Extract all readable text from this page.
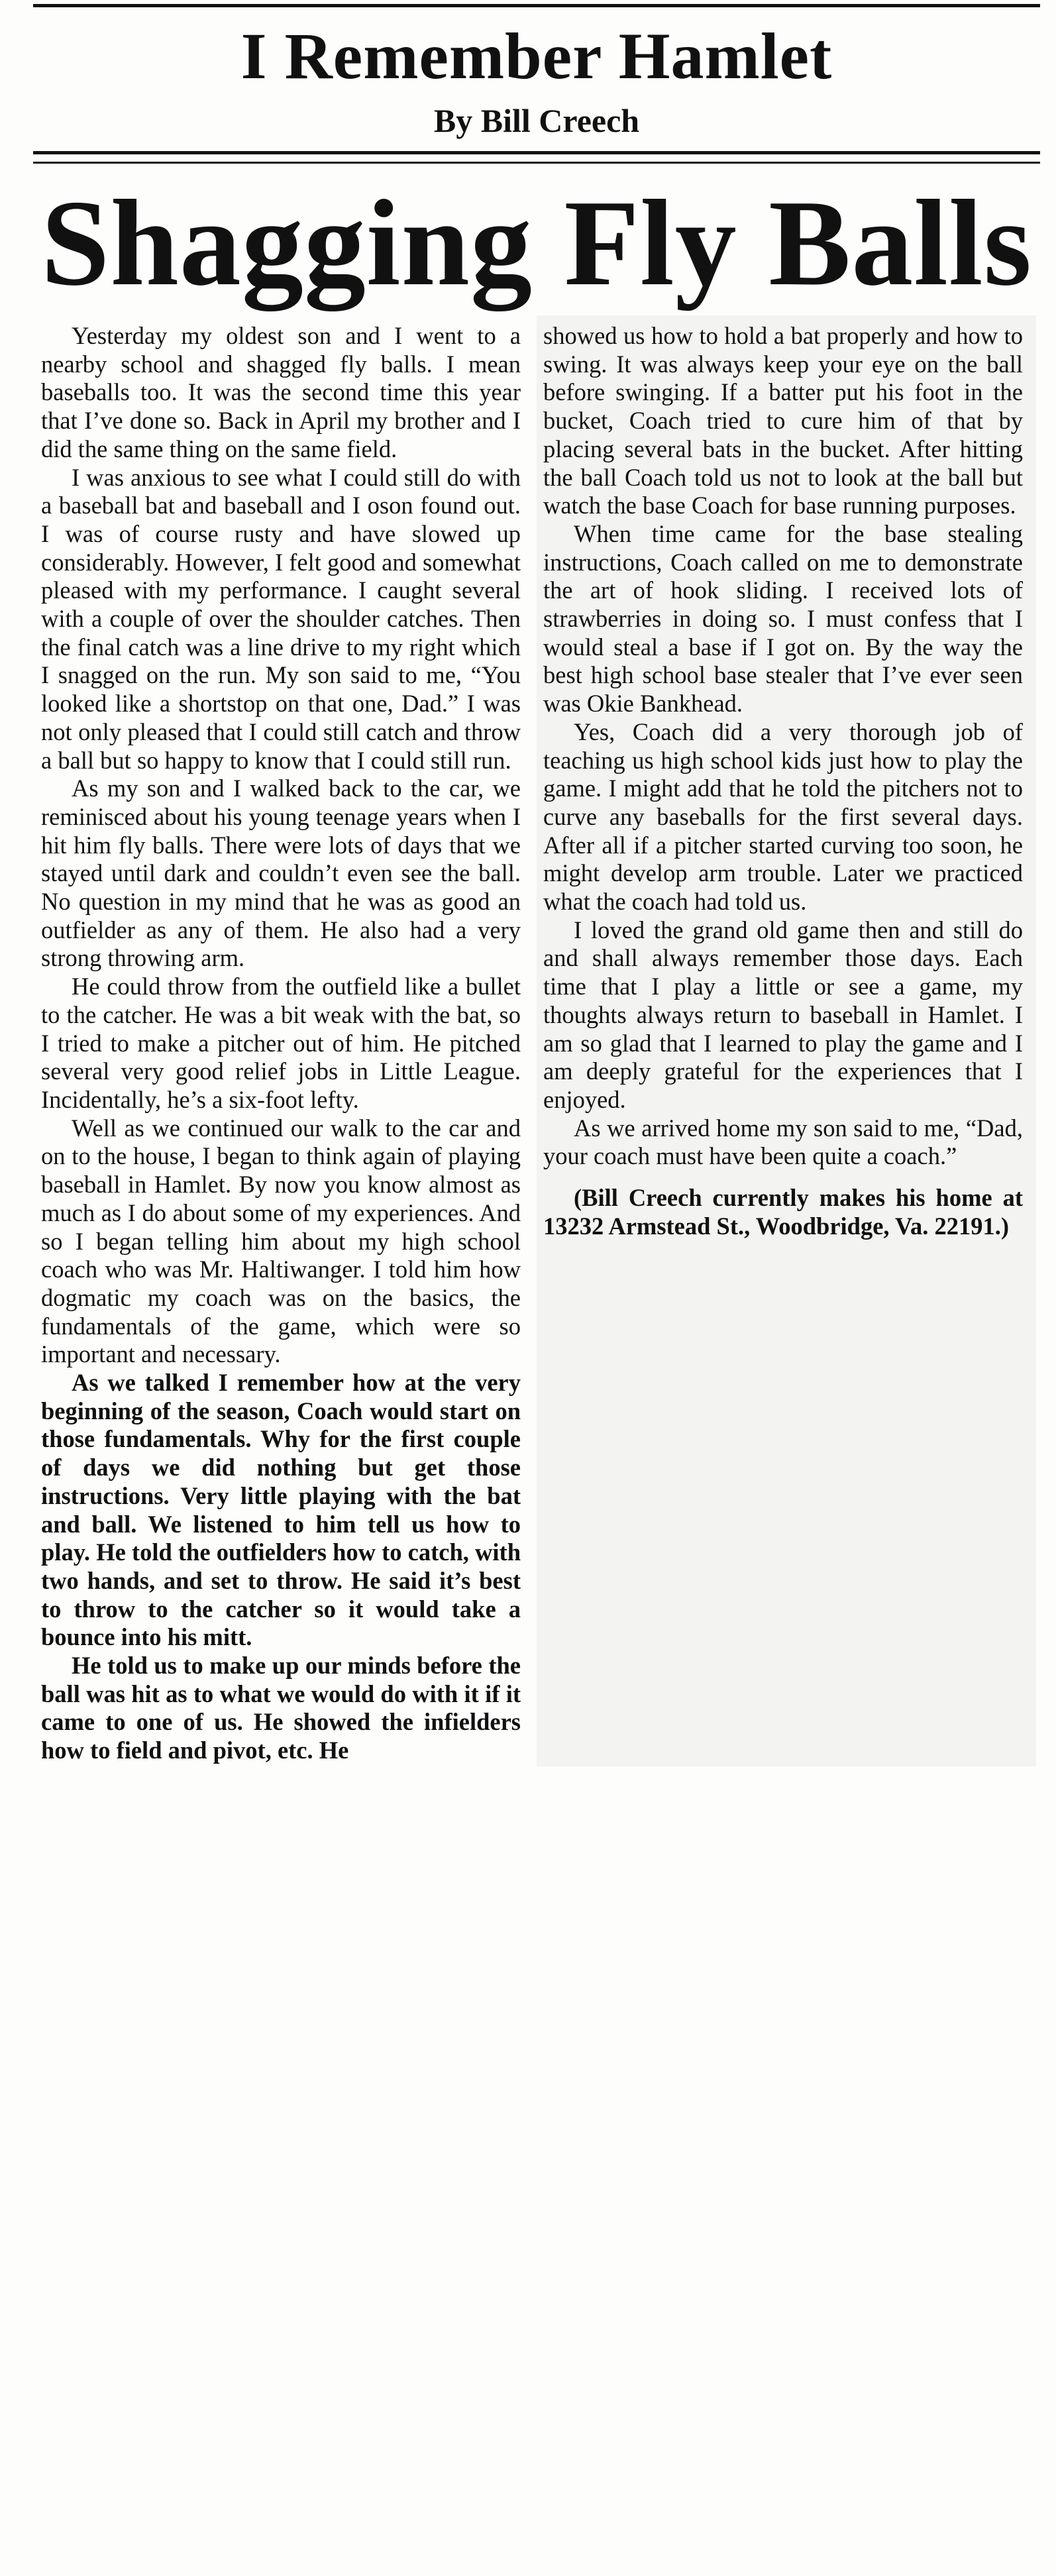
I Remember Hamlet
By Bill Creech
Shagging Fly Balls

Yesterday my oldest son and I went to a nearby school and shagged fly balls. I mean baseballs too. It was the second time this year that I’ve done so. Back in April my brother and I did the same thing on the same field.

I was anxious to see what I could still do with a baseball bat and baseball and I oson found out. I was of course rusty and have slowed up considerably. However, I felt good and somewhat pleased with my performance. I caught several with a couple of over the shoulder catches. Then the final catch was a line drive to my right which I snagged on the run. My son said to me, “You looked like a shortstop on that one, Dad.” I was not only pleased that I could still catch and throw a ball but so happy to know that I could still run.

As my son and I walked back to the car, we reminisced about his young teenage years when I hit him fly balls. There were lots of days that we stayed until dark and couldn’t even see the ball. No question in my mind that he was as good an outfielder as any of them. He also had a very strong throwing arm.

He could throw from the outfield like a bullet to the catcher. He was a bit weak with the bat, so I tried to make a pitcher out of him. He pitched several very good relief jobs in Little League. Incidentally, he’s a six-foot lefty.

Well as we continued our walk to the car and on to the house, I began to think again of playing baseball in Hamlet. By now you know almost as much as I do about some of my experiences. And so I began telling him about my high school coach who was Mr. Haltiwanger. I told him how dogmatic my coach was on the basics, the fundamentals of the game, which were so important and necessary.

As we talked I remember how at the very beginning of the season, Coach would start on those fundamentals. Why for the first couple of days we did nothing but get those instructions. Very little playing with the bat and ball. We listened to him tell us how to play. He told the outfielders how to catch, with two hands, and set to throw. He said it’s best to throw to the catcher so it would take a bounce into his mitt.

He told us to make up our minds before the ball was hit as to what we would do with it if it came to one of us. He showed the infielders how to field and pivot, etc. He

showed us how to hold a bat properly and how to swing. It was always keep your eye on the ball before swinging. If a batter put his foot in the bucket, Coach tried to cure him of that by placing several bats in the bucket. After hitting the ball Coach told us not to look at the ball but watch the base Coach for base running purposes.

When time came for the base stealing instructions, Coach called on me to demonstrate the art of hook sliding. I received lots of strawberries in doing so. I must confess that I would steal a base if I got on. By the way the best high school base stealer that I’ve ever seen was Okie Bankhead.

Yes, Coach did a very thorough job of teaching us high school kids just how to play the game. I might add that he told the pitchers not to curve any baseballs for the first several days. After all if a pitcher started curving too soon, he might develop arm trouble. Later we practiced what the coach had told us.

I loved the grand old game then and still do and shall always remember those days. Each time that I play a little or see a game, my thoughts always return to baseball in Hamlet. I am so glad that I learned to play the game and I am deeply grateful for the experiences that I enjoyed.

As we arrived home my son said to me, “Dad, your coach must have been quite a coach.”

(Bill Creech currently makes his home at 13232 Armstead St., Woodbridge, Va. 22191.)
